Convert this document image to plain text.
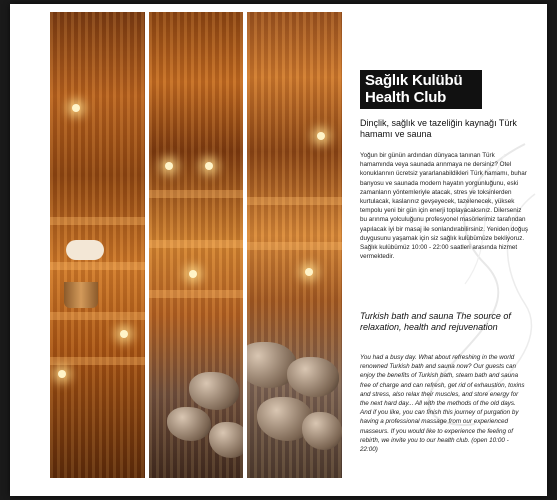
Sağlık Kulübü
Health Club
Dinçlik, sağlık ve tazeliğin kaynağı Türk hamamı ve sauna
Yoğun bir günün ardından dünyaca tanınan Türk hamamında veya saunada arınmaya ne dersiniz? Otel konuklarının ücretsiz yararlanabildikleri Türk hamamı, buhar banyosu ve saunada modern hayatın yorgunluğunu, eski zamanların yöntemleriyle atacak, stres ve toksinlerden kurtulacak, kaslarınız gevşeyecek, tazelenecek, yüksek tempolu yeni bir gün için enerji toplayacaksınız. Dilerseniz bu arınma yolculuğunu profesyonel masörlerimiz tarafından yapılacak iyi bir masaj ile sonlandırabilirsiniz. Yeniden doğuş duygusunu yaşamak için siz sağlık kulübümüze bekliyoruz. Sağlık kulübümüz 10:00 - 22:00 saatleri arasında hizmet vermektedir.
Turkish bath and sauna The source of relaxation, health and rejuvenation
You had a busy day. What about refreshing in the world renowned Turkish bath and sauna now? Our guests can enjoy the benefits of Turkish bath, steam bath and sauna free of charge and can refresh, get rid of exhaustion, toxins and stress, also relax their muscles, and store energy for the next hard day... All with the methods of the old days. And if you like, you can finish this journey of purgation by having a professional massage from our experienced masseurs. If you would like to experience the feeling of rebirth, we invite you to our health club. (open 10:00 - 22:00)
